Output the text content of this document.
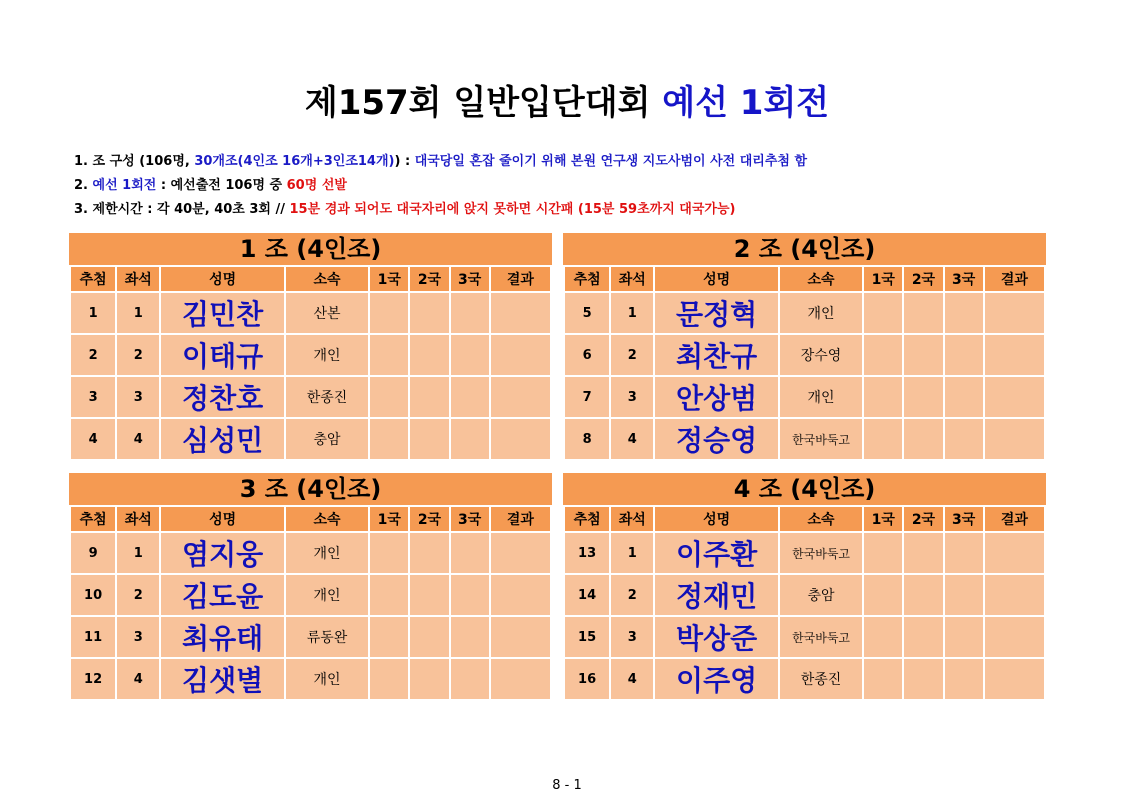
제157회 일반입단대회 예선 1회전
1. 조 구성 (106명, 30개조(4인조 16개+3인조14개)) : 대국당일 혼잡 줄이기 위해 본원 연구생 지도사범이 사전 대리추첨 함
2. 예선 1회전 : 예선출전 106명 중 60명 선발
3. 제한시간 : 각 40분, 40초 3회 // 15분 경과 되어도 대국자리에 앉지 못하면 시간패 (15분 59초까지 대국가능)
1 조 (4인조)
추첨	좌석	성명	소속	1국	2국	3국	결과
1	1	김민찬	산본				
2	2	이태규	개인				
3	3	정찬호	한종진				
4	4	심성민	충암				
2 조 (4인조)
추첨	좌석	성명	소속	1국	2국	3국	결과
5	1	문정혁	개인				
6	2	최찬규	장수영				
7	3	안상범	개인				
8	4	정승영	한국바둑고				
3 조 (4인조)
추첨	좌석	성명	소속	1국	2국	3국	결과
9	1	염지웅	개인				
10	2	김도윤	개인				
11	3	최유태	류동완				
12	4	김샛별	개인				
4 조 (4인조)
추첨	좌석	성명	소속	1국	2국	3국	결과
13	1	이주환	한국바둑고				
14	2	정재민	충암				
15	3	박상준	한국바둑고				
16	4	이주영	한종진				
8 - 1
